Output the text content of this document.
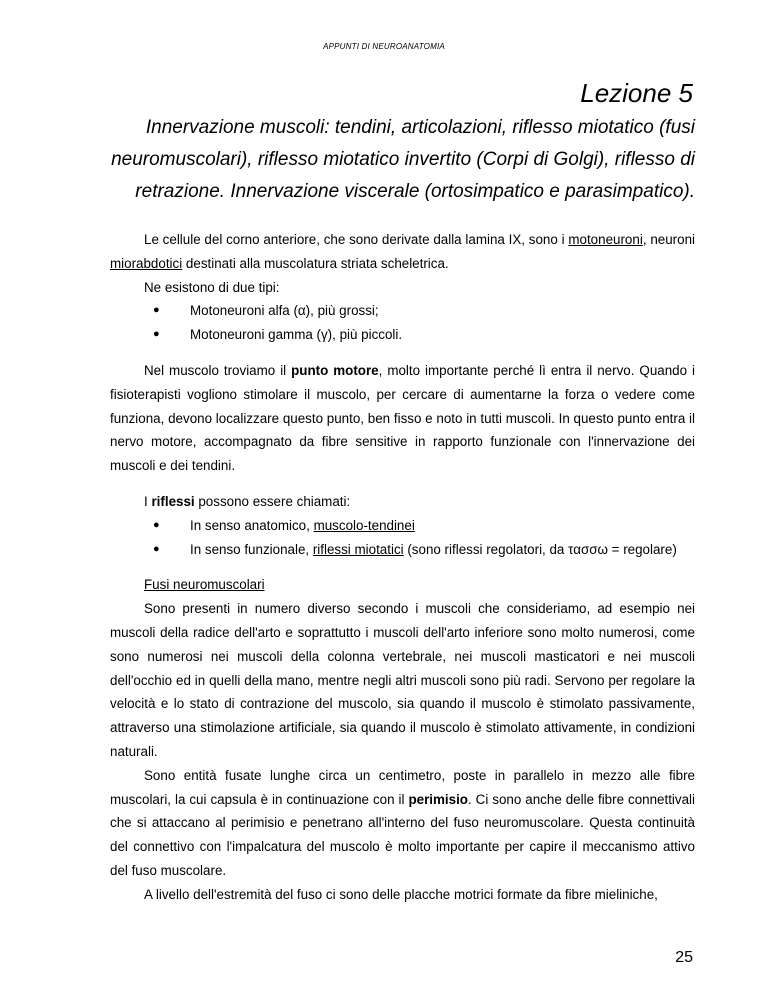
APPUNTI DI NEUROANATOMIA
Lezione 5
Innervazione muscoli: tendini, articolazioni, riflesso miotatico (fusi neuromuscolari), riflesso miotatico invertito (Corpi di Golgi), riflesso di retrazione. Innervazione viscerale (ortosimpatico e parasimpatico).

Le cellule del corno anteriore, che sono derivate dalla lamina IX, sono i motoneuroni, neuroni miorabdotici destinati alla muscolatura striata scheletrica.

Ne esistono di due tipi:

● Motoneuroni alfa (α), più grossi;
● Motoneuroni gamma (γ), più piccoli.

Nel muscolo troviamo il punto motore, molto importante perché lì entra il nervo. Quando i fisioterapisti vogliono stimolare il muscolo, per cercare di aumentarne la forza o vedere come funziona, devono localizzare questo punto, ben fisso e noto in tutti muscoli. In questo punto entra il nervo motore, accompagnato da fibre sensitive in rapporto funzionale con l'innervazione dei muscoli e dei tendini.

I riflessi possono essere chiamati:

● In senso anatomico, muscolo-tendinei
● In senso funzionale, riflessi miotatici (sono riflessi regolatori, da τασσω = regolare)

Fusi neuromuscolari

Sono presenti in numero diverso secondo i muscoli che consideriamo, ad esempio nei muscoli della radice dell'arto e soprattutto i muscoli dell'arto inferiore sono molto numerosi, come sono numerosi nei muscoli della colonna vertebrale, nei muscoli masticatori e nei muscoli dell'occhio ed in quelli della mano, mentre negli altri muscoli sono più radi. Servono per regolare la velocità e lo stato di contrazione del muscolo, sia quando il muscolo è stimolato passivamente, attraverso una stimolazione artificiale, sia quando il muscolo è stimolato attivamente, in condizioni naturali.

Sono entità fusate lunghe circa un centimetro, poste in parallelo in mezzo alle fibre muscolari, la cui capsula è in continuazione con il perimisio. Ci sono anche delle fibre connettivali che si attaccano al perimisio e penetrano all'interno del fuso neuromuscolare. Questa continuità del connettivo con l'impalcatura del muscolo è molto importante per capire il meccanismo attivo del fuso muscolare.

A livello dell'estremità del fuso ci sono delle placche motrici formate da fibre mieliniche,

25
